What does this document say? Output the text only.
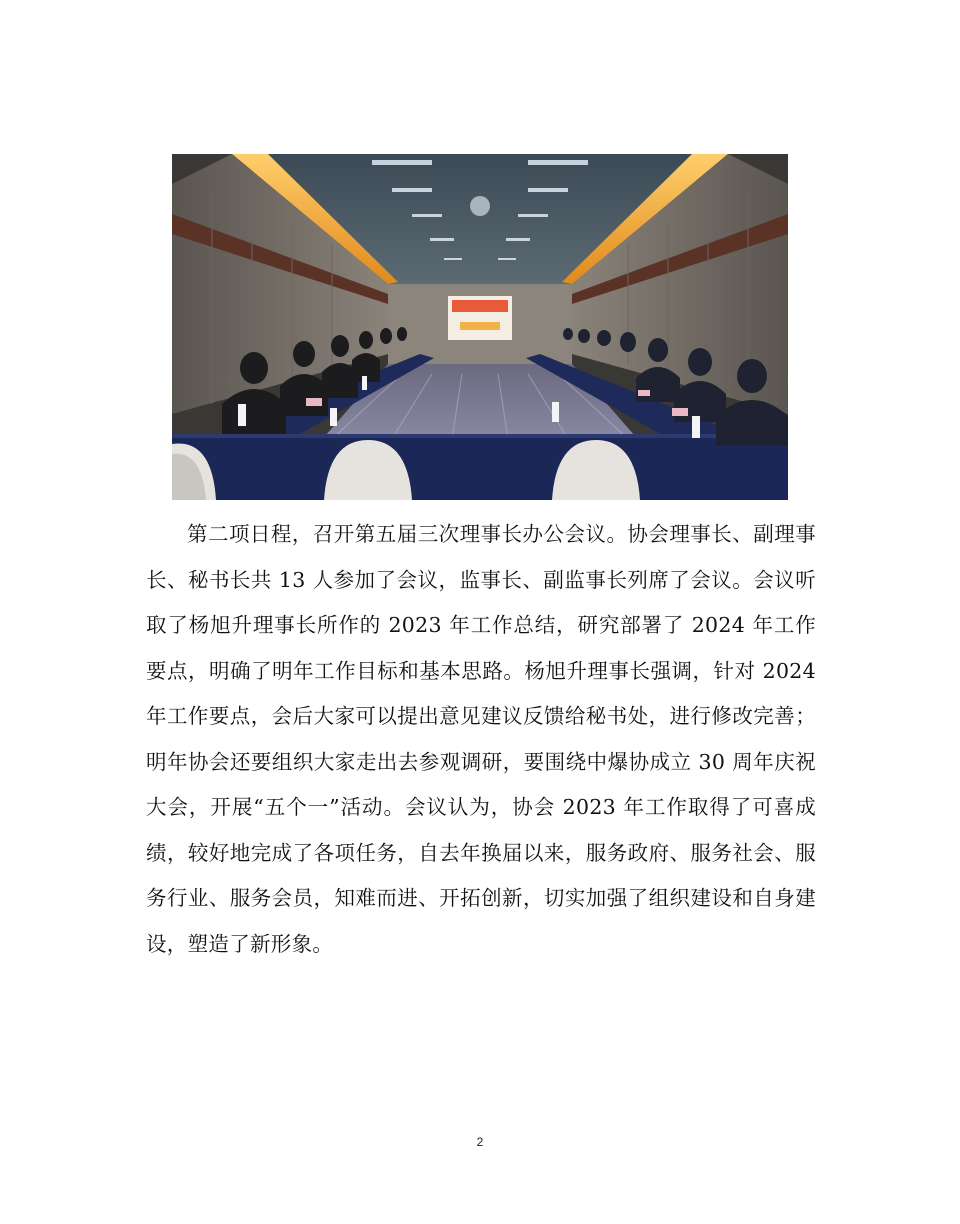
第二项日程，召开第五届三次理事长办公会议。协会理事长、副理事长、秘书长共 13 人参加了会议，监事长、副监事长列席了会议。会议听取了杨旭升理事长所作的 2023 年工作总结，研究部署了 2024 年工作要点，明确了明年工作目标和基本思路。杨旭升理事长强调，针对 2024 年工作要点，会后大家可以提出意见建议反馈给秘书处，进行修改完善；明年协会还要组织大家走出去参观调研，要围绕中爆协成立 30 周年庆祝大会，开展“五个一”活动。会议认为，协会 2023 年工作取得了可喜成绩，较好地完成了各项任务，自去年换届以来，服务政府、服务社会、服务行业、服务会员，知难而进、开拓创新，切实加强了组织建设和自身建设，塑造了新形象。

2
